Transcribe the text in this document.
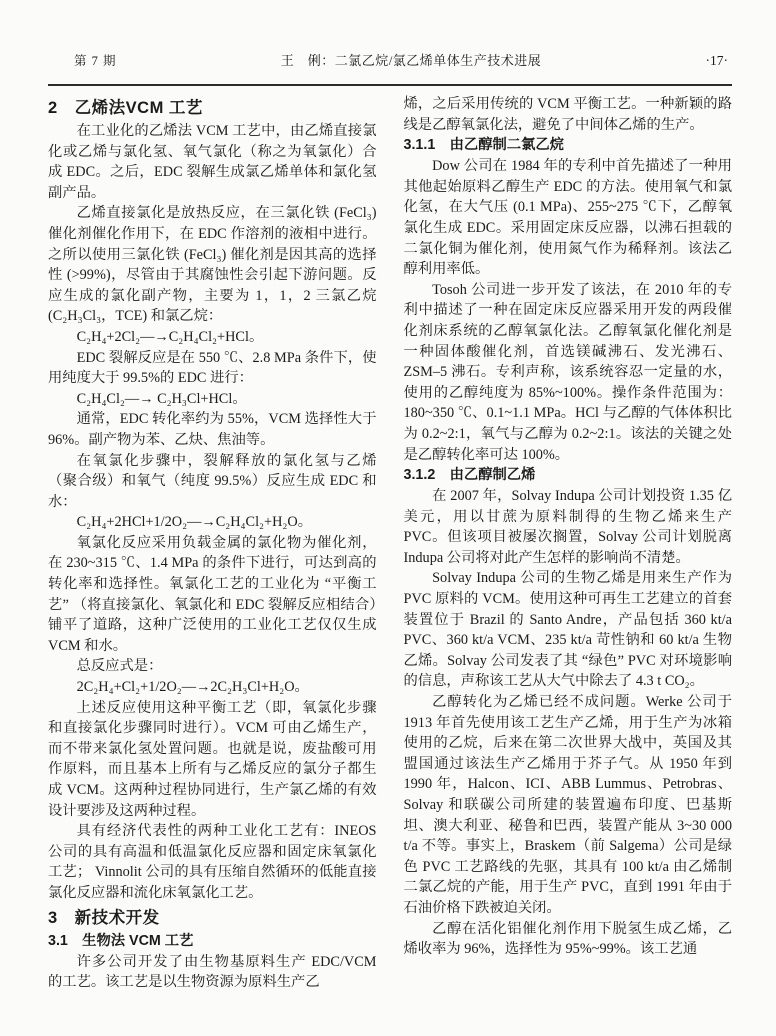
第 7 期	王　俐：二氯乙烷/氯乙烯单体生产技术进展	·17·
2　乙烯法VCM 工艺
在工业化的乙烯法 VCM 工艺中，由乙烯直接氯化或乙烯与氯化氢、氧气氯化（称之为氧氯化）合成 EDC。之后，EDC 裂解生成氯乙烯单体和氯化氢副产品。
乙烯直接氯化是放热反应，在三氯化铁 (FeCl₃) 催化剂催化作用下，在 EDC 作溶剂的液相中进行。之所以使用三氯化铁 (FeCl₃) 催化剂是因其高的选择性 (>99%)，尽管由于其腐蚀性会引起下游问题。反应生成的氯化副产物，主要为 1，1，2 三氯乙烷 (C₂H₃Cl₃，TCE) 和氯乙烷：
C₂H₄+2Cl₂—→C₂H₄Cl₂+HCl。
EDC 裂解反应是在 550 ℃、2.8 MPa 条件下，使用纯度大于 99.5%的 EDC 进行：
C₂H₄Cl₂—→ C₂H₃Cl+HCl。
通常，EDC 转化率约为 55%，VCM 选择性大于 96%。副产物为苯、乙炔、焦油等。
在氧氯化步骤中，裂解释放的氯化氢与乙烯（聚合级）和氧气（纯度 99.5%）反应生成 EDC 和水：
C₂H₄+2HCl+1/2O₂—→C₂H₄Cl₂+H₂O。
氧氯化反应采用负载金属的氯化物为催化剂，在 230~315 ℃、1.4 MPa 的条件下进行，可达到高的转化率和选择性。氧氯化工艺的工业化为 “平衡工艺” （将直接氯化、氧氯化和 EDC 裂解反应相结合）铺平了道路，这种广泛使用的工业化工艺仅仅生成 VCM 和水。
总反应式是：
2C₂H₄+Cl₂+1/2O₂—→2C₂H₃Cl+H₂O。
上述反应使用这种平衡工艺（即，氧氯化步骤和直接氯化步骤同时进行）。VCM 可由乙烯生产，而不带来氯化氢处置问题。也就是说，废盐酸可用作原料，而且基本上所有与乙烯反应的氯分子都生成 VCM。这两种过程协同进行，生产氯乙烯的有效设计要涉及这两种过程。
具有经济代表性的两种工业化工艺有：INEOS 公司的具有高温和低温氯化反应器和固定床氧氯化工艺； Vinnolit 公司的具有压缩自然循环的低能直接氯化反应器和流化床氧氯化工艺。
3　新技术开发
3.1　生物法 VCM 工艺
许多公司开发了由生物基原料生产 EDC/VCM 的工艺。该工艺是以生物资源为原料生产乙
烯，之后采用传统的 VCM 平衡工艺。一种新颖的路线是乙醇氧氯化法，避免了中间体乙烯的生产。
3.1.1　由乙醇制二氯乙烷
Dow 公司在 1984 年的专利中首先描述了一种用其他起始原料乙醇生产 EDC 的方法。使用氧气和氯化氢，在大气压 (0.1 MPa)、255~275 ℃下，乙醇氧氯化生成 EDC。采用固定床反应器，以沸石担载的二氯化铜为催化剂，使用氮气作为稀释剂。该法乙醇利用率低。
Tosoh 公司进一步开发了该法，在 2010 年的专利中描述了一种在固定床反应器采用开发的两段催化剂床系统的乙醇氧氯化法。乙醇氧氯化催化剂是一种固体酸催化剂，首选镁碱沸石、发光沸石、ZSM–5 沸石。专利声称，该系统容忍一定量的水，使用的乙醇纯度为 85%~100%。操作条件范围为：180~350 ℃、0.1~1.1 MPa。HCl 与乙醇的气体体积比为 0.2~2:1，氧气与乙醇为 0.2~2:1。该法的关键之处是乙醇转化率可达 100%。
3.1.2　由乙醇制乙烯
在 2007 年，Solvay Indupa 公司计划投资 1.35 亿美元，用以甘蔗为原料制得的生物乙烯来生产 PVC。但该项目被屡次搁置，Solvay 公司计划脱离 Indupa 公司将对此产生怎样的影响尚不清楚。
Solvay Indupa 公司的生物乙烯是用来生产作为 PVC 原料的 VCM。使用这种可再生工艺建立的首套装置位于 Brazil 的 Santo Andre，产品包括 360 kt/a PVC、360 kt/a VCM、235 kt/a 苛性钠和 60 kt/a 生物乙烯。Solvay 公司发表了其 “绿色” PVC 对环境影响的信息，声称该工艺从大气中除去了 4.3 t CO₂。
乙醇转化为乙烯已经不成问题。Werke 公司于 1913 年首先使用该工艺生产乙烯，用于生产为冰箱使用的乙烷，后来在第二次世界大战中，英国及其盟国通过该法生产乙烯用于芥子气。从 1950 年到 1990 年，Halcon、ICI、ABB Lummus、Petrobras、Solvay 和联碳公司所建的装置遍布印度、巴基斯坦、澳大利亚、秘鲁和巴西，装置产能从 3~30 000 t/a 不等。事实上，Braskem（前 Salgema）公司是绿色 PVC 工艺路线的先驱，其具有 100 kt/a 由乙烯制二氯乙烷的产能，用于生产 PVC，直到 1991 年由于石油价格下跌被迫关闭。
乙醇在活化铝催化剂作用下脱氢生成乙烯，乙烯收率为 96%，选择性为 95%~99%。该工艺通
